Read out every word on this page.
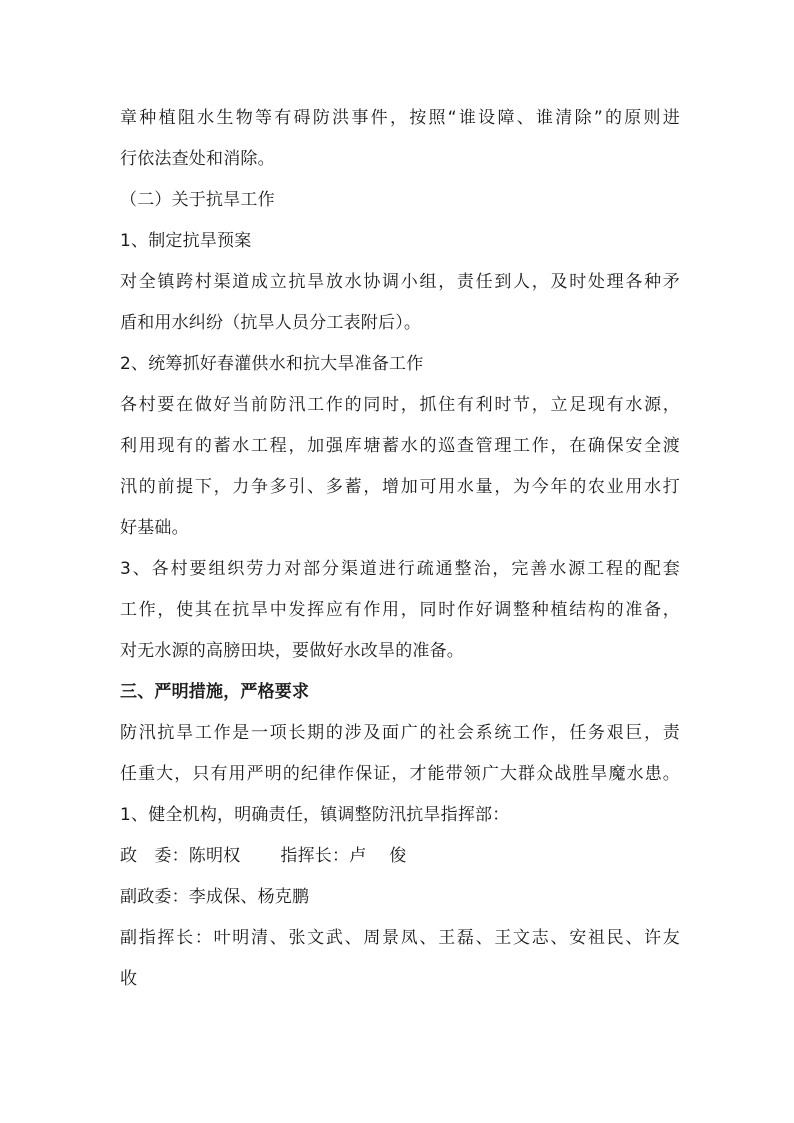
章种植阻水生物等有碍防洪事件，按照“谁设障、谁清除”的原则进
行依法查处和消除。
（二）关于抗旱工作
1、制定抗旱预案
对全镇跨村渠道成立抗旱放水协调小组，责任到人，及时处理各种矛
盾和用水纠纷（抗旱人员分工表附后）。
2、统筹抓好春灌供水和抗大旱准备工作
各村要在做好当前防汛工作的同时，抓住有利时节，立足现有水源，
利用现有的蓄水工程，加强库塘蓄水的巡查管理工作，在确保安全渡
汛的前提下，力争多引、多蓄，增加可用水量，为今年的农业用水打
好基础。
3、各村要组织劳力对部分渠道进行疏通整治，完善水源工程的配套
工作，使其在抗旱中发挥应有作用，同时作好调整种植结构的准备，
对无水源的高膀田块，要做好水改旱的准备。
三、严明措施，严格要求
防汛抗旱工作是一项长期的涉及面广的社会系统工作，任务艰巨，责
任重大，只有用严明的纪律作保证，才能带领广大群众战胜旱魔水患。
1、健全机构，明确责任，镇调整防汛抗旱指挥部：
政　委：陈明权　　 指挥长：卢　 俊
副政委：李成保、杨克鹏
副指挥长：叶明清、张文武、周景凤、王磊、王文志、安祖民、许友
收
